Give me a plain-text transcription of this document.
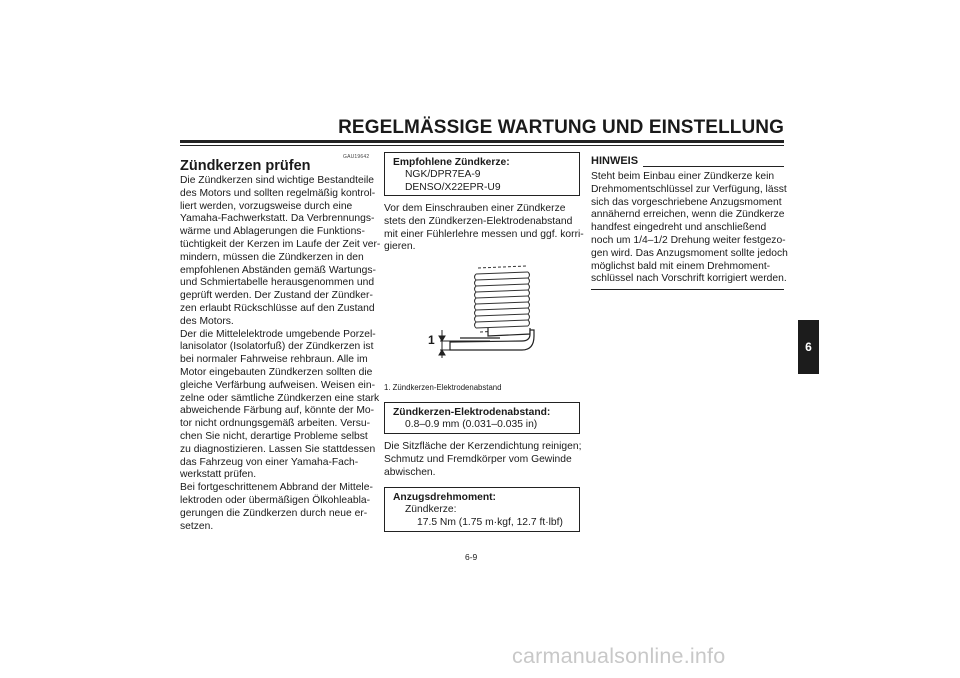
REGELMÄSSIGE WARTUNG UND EINSTELLUNG
6
GAU19642
Zündkerzen prüfen
Die Zündkerzen sind wichtige Bestandteile
des Motors und sollten regelmäßig kontrol-
liert werden, vorzugsweise durch eine
Yamaha-Fachwerkstatt. Da Verbrennungs-
wärme und Ablagerungen die Funktions-
tüchtigkeit der Kerzen im Laufe der Zeit ver-
mindern, müssen die Zündkerzen in den
empfohlenen Abständen gemäß Wartungs-
und Schmiertabelle herausgenommen und
geprüft werden. Der Zustand der Zündker-
zen erlaubt Rückschlüsse auf den Zustand
des Motors.
Der die Mittelelektrode umgebende Porzel-
lanisolator (Isolatorfuß) der Zündkerzen ist
bei normaler Fahrweise rehbraun. Alle im
Motor eingebauten Zündkerzen sollten die
gleiche Verfärbung aufweisen. Weisen ein-
zelne oder sämtliche Zündkerzen eine stark
abweichende Färbung auf, könnte der Mo-
tor nicht ordnungsgemäß arbeiten. Versu-
chen Sie nicht, derartige Probleme selbst
zu diagnostizieren. Lassen Sie stattdessen
das Fahrzeug von einer Yamaha-Fach-
werkstatt prüfen.
Bei fortgeschrittenem Abbrand der Mittele-
lektroden oder übermäßigen Ölkohleabla-
gerungen die Zündkerzen durch neue er-
setzen.
Empfohlene Zündkerze:
NGK/DPR7EA-9
DENSO/X22EPR-U9
Vor dem Einschrauben einer Zündkerze
stets den Zündkerzen-Elektrodenabstand
mit einer Fühlerlehre messen und ggf. korri-
gieren.
1
1. Zündkerzen-Elektrodenabstand
Zündkerzen-Elektrodenabstand:
0.8–0.9 mm (0.031–0.035 in)
Die Sitzfläche der Kerzendichtung reinigen;
Schmutz und Fremdkörper vom Gewinde
abwischen.
Anzugsdrehmoment:
Zündkerze:
17.5 Nm (1.75 m·kgf, 12.7 ft·lbf)
HINWEIS
Steht beim Einbau einer Zündkerze kein
Drehmomentschlüssel zur Verfügung, lässt
sich das vorgeschriebene Anzugsmoment
annähernd erreichen, wenn die Zündkerze
handfest eingedreht und anschließend
noch um 1/4–1/2 Drehung weiter festgezo-
gen wird. Das Anzugsmoment sollte jedoch
möglichst bald mit einem Drehmoment-
schlüssel nach Vorschrift korrigiert werden.
6-9
carmanualsonline.info
